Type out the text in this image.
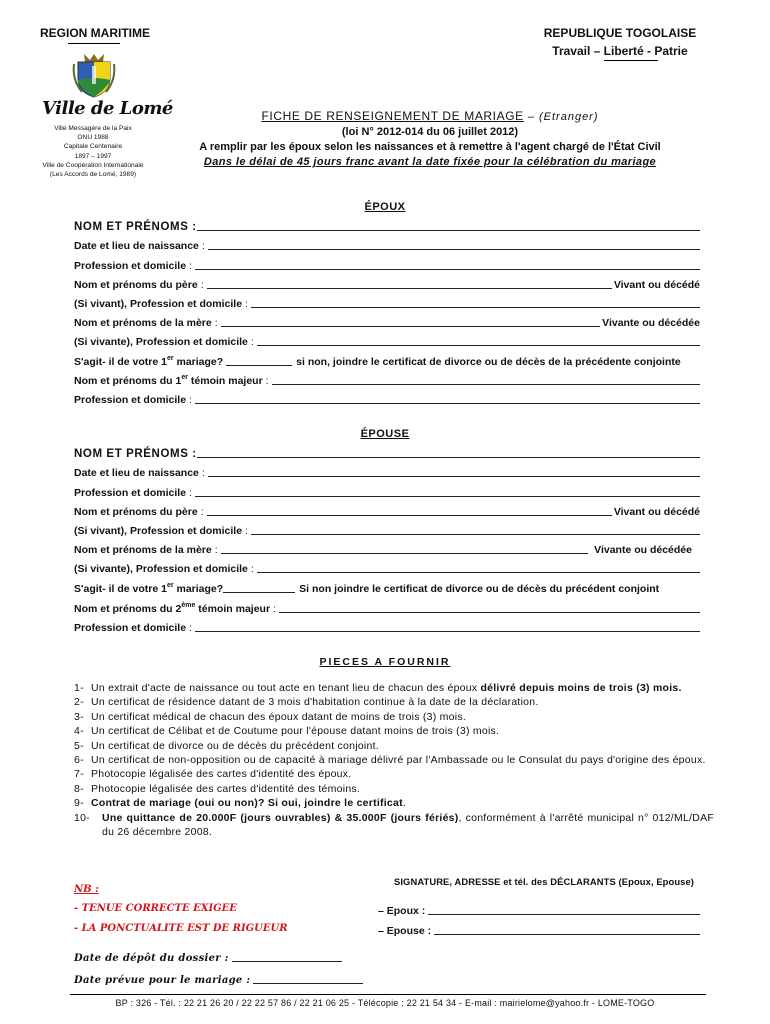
REGION MARITIME
Ville de Lomé
Ville Messagère de la Paix
ONU 1988
Capitale Centenaire
1897 – 1997
Ville de Coopération Internationale
(Les Accords de Lomé, 1989)
REPUBLIQUE TOGOLAISE
Travail – Liberté - Patrie
FICHE DE RENSEIGNEMENT DE MARIAGE – (Etranger)
(loi N° 2012-014 du 06 juillet 2012)
A remplir par les époux selon les naissances et à remettre à l'agent chargé de l'État Civil
Dans le délai de 45 jours franc avant la date fixée pour la célébration du mariage
ÉPOUX
NOM ET PRÉNOMS :
Date et lieu de naissance :
Profession et domicile :
Nom et prénoms du père :	Vivant ou décédé
(Si vivant), Profession et domicile :
Nom et prénoms de la mère :	Vivante ou décédée
(Si vivante), Profession et domicile :
S'agit- il de votre 1er mariage?	si non, joindre le certificat de divorce ou de décès de la précédente conjointe
Nom et prénoms du 1er témoin majeur :
Profession et domicile :
ÉPOUSE
NOM ET PRÉNOMS :
Date et lieu de naissance :
Profession et domicile :
Nom et prénoms du père :	Vivant ou décédé
(Si vivant), Profession et domicile :
Nom et prénoms de la mère :	Vivante ou décédée
(Si vivante), Profession et domicile :
S'agit- il de votre 1er mariage?	Si non joindre le certificat de divorce ou de décès du précédent conjoint
Nom et prénoms du 2ème témoin majeur :
Profession et domicile :
PIECES A FOURNIR
1- Un extrait d'acte de naissance ou tout acte en tenant lieu de chacun des époux délivré depuis moins de trois (3) mois.
2- Un certificat de résidence datant de 3 mois d'habitation continue à la date de la déclaration.
3- Un certificat médical de chacun des époux datant de moins de trois (3) mois.
4- Un certificat de Célibat et de Coutume pour l'épouse datant moins de trois (3) mois.
5- Un certificat de divorce ou de décès du précédent conjoint.
6- Un certificat de non-opposition ou de capacité à mariage délivré par l'Ambassade ou le Consulat du pays d'origine des époux.
7- Photocopie légalisée des cartes d'identité des époux.
8- Photocopie légalisée des cartes d'identité des témoins.
9- Contrat de mariage (oui ou non)? Si oui, joindre le certificat.
10-	Une quittance de 20.000F (jours ouvrables) & 35.000F (jours fériés), conformément à l'arrêté municipal n° 012/ML/DAF du 26 décembre 2008.
SIGNATURE, ADRESSE et tél. des DÉCLARANTS (Epoux, Epouse)
NB :
- TENUE CORRECTE EXIGEE
- LA PONCTUALITE EST DE RIGUEUR
– Epoux :
– Epouse :
Date de dépôt du dossier :
Date prévue pour le mariage :
BP : 326 - Tél. : 22 21 26 20 / 22 22 57 86 / 22 21 06 25 - Télécopie : 22 21 54 34 - E-mail : mairielome@yahoo.fr - LOME-TOGO
